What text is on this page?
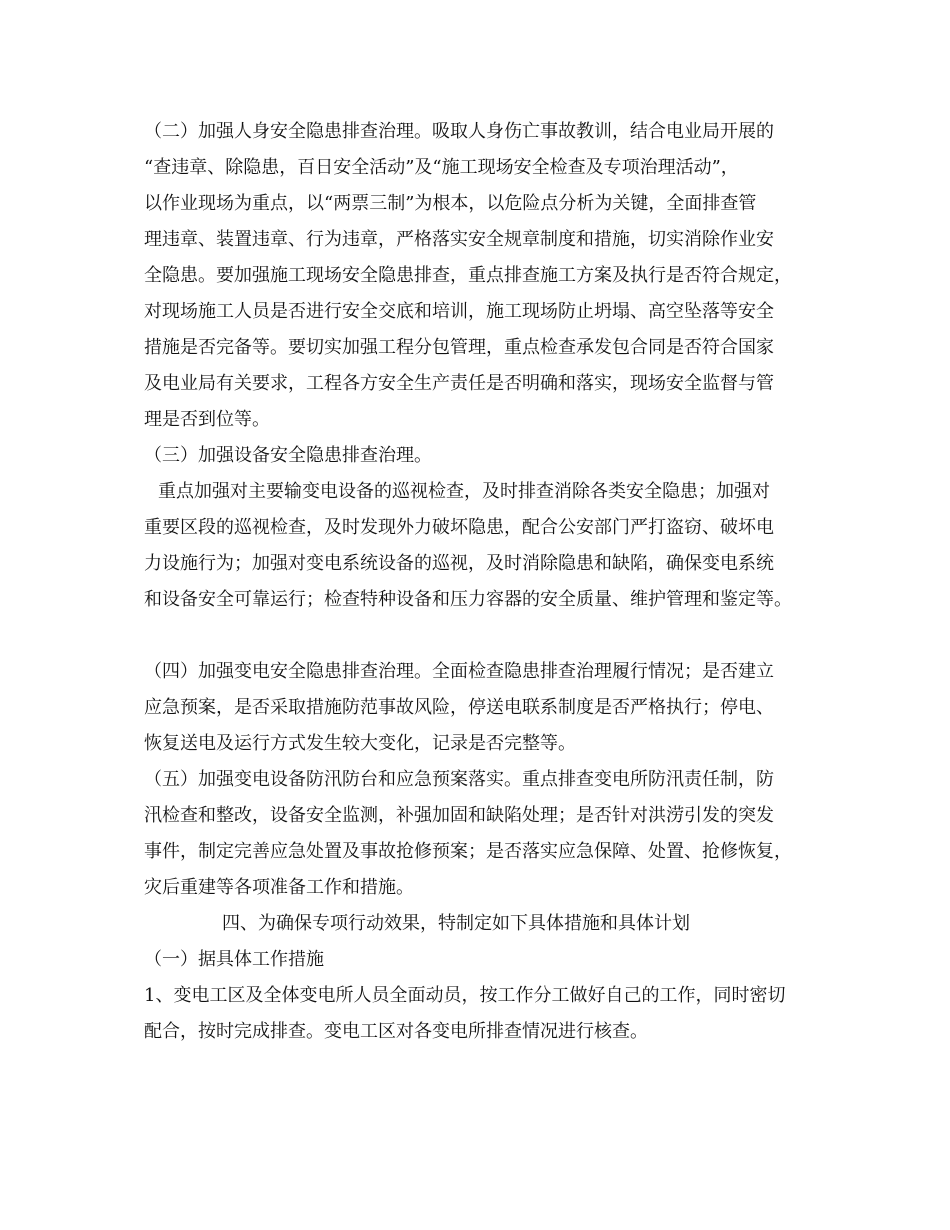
（二）加强人身安全隐患排查治理。吸取人身伤亡事故教训，结合电业局开展的
“查违章、除隐患，百日安全活动”及“施工现场安全检查及专项治理活动”，
以作业现场为重点，以“两票三制”为根本，以危险点分析为关键，全面排查管
理违章、装置违章、行为违章，严格落实安全规章制度和措施，切实消除作业安
全隐患。要加强施工现场安全隐患排查，重点排查施工方案及执行是否符合规定，
对现场施工人员是否进行安全交底和培训，施工现场防止坍塌、高空坠落等安全
措施是否完备等。要切实加强工程分包管理，重点检查承发包合同是否符合国家
及电业局有关要求，工程各方安全生产责任是否明确和落实，现场安全监督与管
理是否到位等。
（三）加强设备安全隐患排查治理。
重点加强对主要输变电设备的巡视检查，及时排查消除各类安全隐患；加强对
重要区段的巡视检查，及时发现外力破坏隐患，配合公安部门严打盗窃、破坏电
力设施行为；加强对变电系统设备的巡视，及时消除隐患和缺陷，确保变电系统
和设备安全可靠运行；检查特种设备和压力容器的安全质量、维护管理和鉴定等。
（四）加强变电安全隐患排查治理。全面检查隐患排查治理履行情况；是否建立
应急预案，是否采取措施防范事故风险，停送电联系制度是否严格执行；停电、
恢复送电及运行方式发生较大变化，记录是否完整等。
（五）加强变电设备防汛防台和应急预案落实。重点排查变电所防汛责任制，防
汛检查和整改，设备安全监测，补强加固和缺陷处理；是否针对洪涝引发的突发
事件，制定完善应急处置及事故抢修预案；是否落实应急保障、处置、抢修恢复，
灾后重建等各项准备工作和措施。
四、为确保专项行动效果，特制定如下具体措施和具体计划
（一）据具体工作措施
1、变电工区及全体变电所人员全面动员，按工作分工做好自己的工作，同时密切
配合，按时完成排查。变电工区对各变电所排查情况进行核查。
